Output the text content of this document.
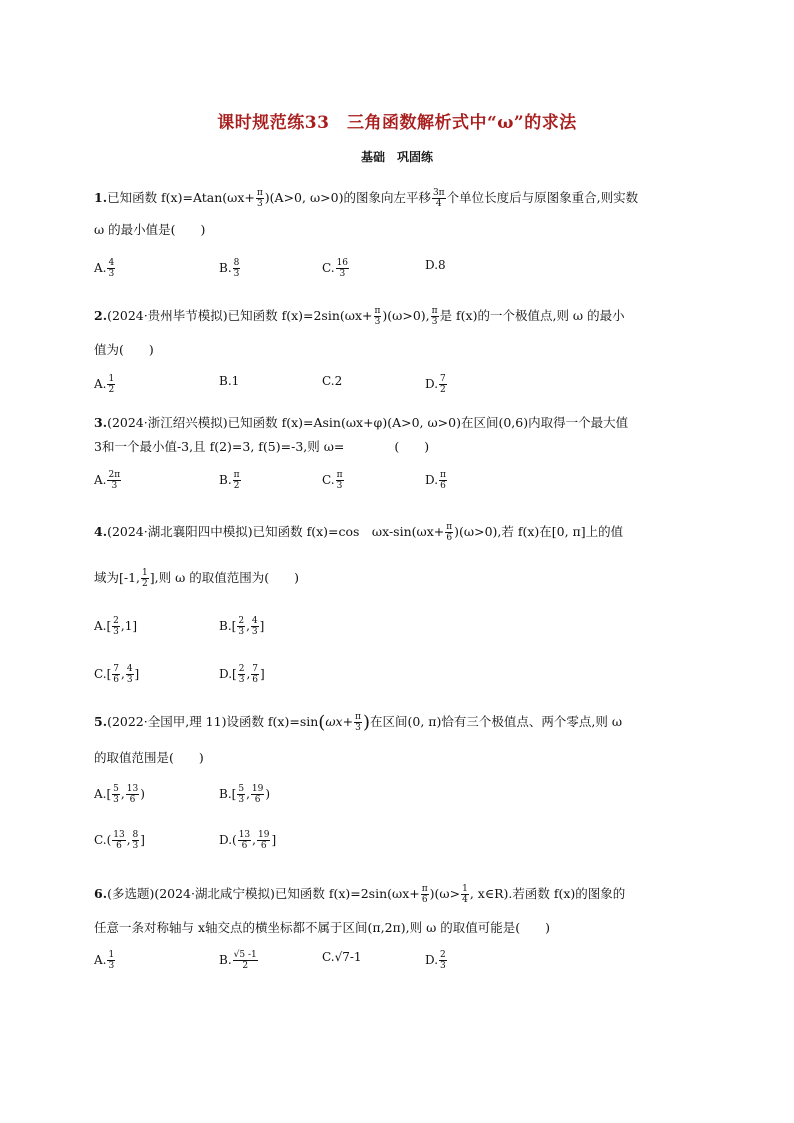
课时规范练33　三角函数解析式中“ω”的求法
基础　巩固练
1.已知函数 $f(x)=Atan(\omega x+ \frac{\pi}{3} )(A>0$, ω>0)的图象向左平移 $\frac{3\pi}{4}$ 个单位长度后与原图象重合,则实数
ω 的最小值是(　　)
A. $\frac{4}{3}$	B. $\frac{8}{3}$	C. $\frac{16}{3}$	D.8
2.(2024·贵州毕节模拟)已知函数 $f(x)=2\sin(\omega x+ \frac{\pi}{3} )(\omega>0)$, $\frac{\pi}{3}$ 是 f(x)的一个极值点,则 ω 的最小
值为(　　)
A. $\frac{1}{2}$	B.1	C.2	D. $\frac{7}{2}$
3.(2024·浙江绍兴模拟)已知函数 f(x)=Asin(ωx+φ)(A>0, ω>0)在区间(0,6)内取得一个最大值
3和一个最小值-3,且 f(2)=3, f(5)=-3,则 ω=　　　　(　　)
A. $\frac{2\pi}{3}$	B. $\frac{\pi}{2}$	C. $\frac{\pi}{3}$	D. $\frac{\pi}{6}$
4.(2024·湖北襄阳四中模拟)已知函数 f(x)=cos　$\omega x-\sin(\omega x+ \frac{\pi}{6} )(\omega>0)$,若 f(x)在[0, π]上的值
域为[-1, $\frac{1}{2}$ ],则 ω 的取值范围为(　　)
$A.[ \frac{2}{3} ,1]$	$B.[ \frac{2}{3}$ , $\frac{4}{3}$ ]
$C.[ \frac{7}{6}$ , $\frac{4}{3}$ ]	$D.[ \frac{2}{3}$ , $\frac{7}{6}$ ]
5.(2022·全国甲,理 11)设函数 $f(x)=\sin(\omega x+ \frac{\pi}{3}$ )在区间(0, π)恰有三个极值点、两个零点,则 ω
的取值范围是(　　)
$A.[ \frac{5}{3}$ , $\frac{13}{6}$ )	$B.[ \frac{5}{3}$ , $\frac{19}{6}$ )
$C.( \frac{13}{6}$ , $\frac{8}{3}$ ]	$D.( \frac{13}{6}$ , $\frac{19}{6}$ ]
6.(多选题)(2024·湖北咸宁模拟)已知函数 $f(x)=2\sin(\omega x+ \frac{\pi}{6} )(\omega> \frac{1}{4}$ , x∈R).若函数 f(x)的图象的
任意一条对称轴与 x轴交点的横坐标都不属于区间(π,2π),则 ω 的取值可能是(　　)
A. $\frac{1}{3}$	B. $\frac{√5 -1}{2}$	C.√7-1	D. $\frac{2}{3}$
